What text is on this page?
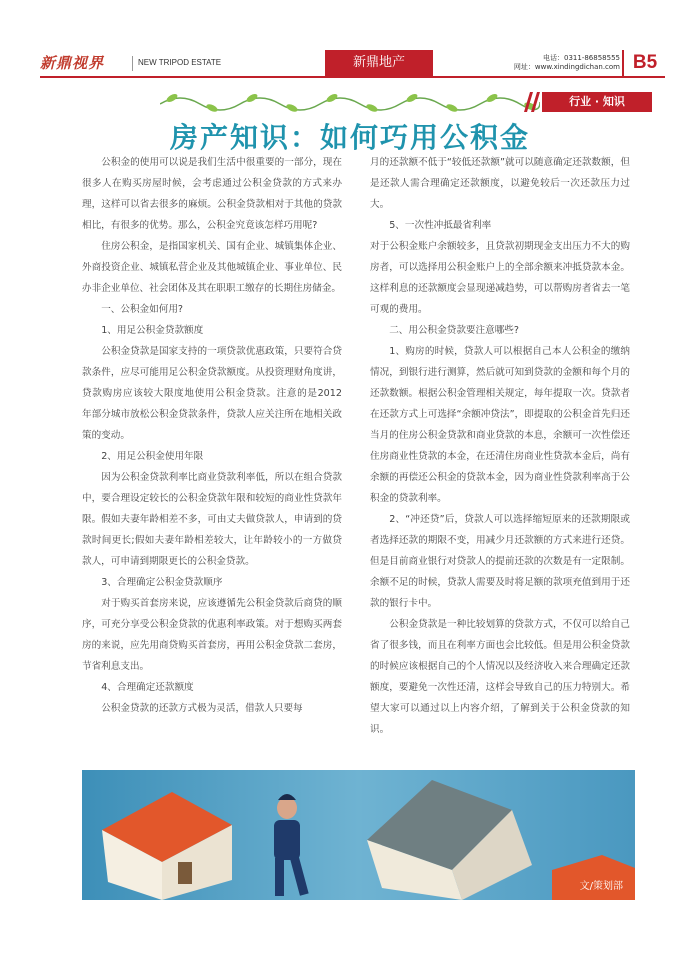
新鼎视界	NEW TRIPOD ESTATE	新鼎地产	电话：0311-86858555
网址：www.xindingdichan.com B5
行业 · 知识
房产知识：如何巧用公积金

公积金的使用可以说是我们生活中很重要的一部分，现在很多人在购买房屋时候，会考虑通过公积金贷款的方式来办理，这样可以省去很多的麻烦。公积金贷款相对于其他的贷款相比，有很多的优势。那么，公积金究竟该怎样巧用呢?

住房公积金，是指国家机关、国有企业、城镇集体企业、外商投资企业、城镇私营企业及其他城镇企业、事业单位、民办非企业单位、社会团体及其在职职工缴存的长期住房储金。

一、公积金如何用?

1、用足公积金贷款额度

公积金贷款是国家支持的一项贷款优惠政策，只要符合贷款条件，应尽可能用足公积金贷款额度。从投资理财角度讲，贷款购房应该较大限度地使用公积金贷款。注意的是2012　年部分城市放松公积金贷款条件，贷款人应关注所在地相关政策的变动。

2、用足公积金使用年限

因为公积金贷款利率比商业贷款利率低，所以在组合贷款中，要合理设定较长的公积金贷款年限和较短的商业性贷款年限。假如夫妻年龄相差不多，可由丈夫做贷款人，申请到的贷款时间更长;假如夫妻年龄相差较大，让年龄较小的一方做贷款人，可申请到期限更长的公积金贷款。

3、合理确定公积金贷款顺序

对于购买首套房来说，应该遵循先公积金贷款后商贷的顺序，可充分享受公积金贷款的优惠利率政策。对于想购买两套房的来说，应先用商贷购买首套房，再用公积金贷款二套房，节省利息支出。

4、合理确定还款额度

公积金贷款的还款方式极为灵活，借款人只要每

月的还款额不低于“较低还款额”就可以随意确定还款数额，但是还款人需合理确定还款额度，以避免较后一次还款压力过大。

5、一次性冲抵最省利率

对于公积金账户余额较多，且贷款初期现金支出压力不大的购房者，可以选择用公积金账户上的全部余额来冲抵贷款本金。这样利息的还款额度会显现递减趋势，可以帮购房者省去一笔可观的费用。

二、用公积金贷款要注意哪些?

1、购房的时候，贷款人可以根据自己本人公积金的缴纳情况，到银行进行测算，然后就可知到贷款的金额和每个月的还款数额。根据公积金管理相关规定，每年提取一次。贷款者在还款方式上可选择“余额冲贷法”，即提取的公积金首先归还当月的住房公积金贷款和商业贷款的本息，余额可一次性偿还住房商业性贷款的本金，在还清住房商业性贷款本金后，尚有余额的再偿还公积金的贷款本金，因为商业性贷款利率高于公积金的贷款利率。

2、“冲还贷”后，贷款人可以选择缩短原来的还款期限或者选择还款的期限不变，用减少月还款额的方式来进行还贷。但是目前商业银行对贷款人的提前还款的次数是有一定限制。余额不足的时候，贷款人需要及时将足额的款项充值到用于还款的银行卡中。

公积金贷款是一种比较划算的贷款方式，不仅可以给自己省了很多钱，而且在利率方面也会比较低。但是用公积金贷款的时候应该根据自己的个人情况以及经济收入来合理确定还款额度，要避免一次性还清，这样会导致自己的压力特别大。希望大家可以通过以上内容介绍，了解到关于公积金贷款的知识。

文/策划部
